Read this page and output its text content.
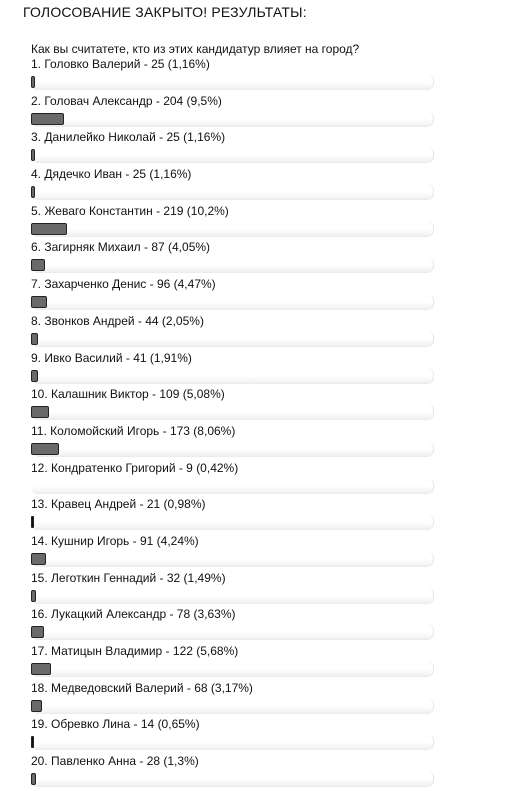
ГОЛОСОВАНИЕ ЗАКРЫТО! РЕЗУЛЬТАТЫ:
Как вы считатете, кто из этих кандидатур влияет на город?
1. Головко Валерий - 25 (1,16%)
2. Головач Александр - 204 (9,5%)
3. Данилейко Николай - 25 (1,16%)
4. Дядечко Иван - 25 (1,16%)
5. Жеваго Константин - 219 (10,2%)
6. Загирняк Михаил - 87 (4,05%)
7. Захарченко Денис - 96 (4,47%)
8. Звонков Андрей - 44 (2,05%)
9. Ивко Василий - 41 (1,91%)
10. Калашник Виктор - 109 (5,08%)
11. Коломойский Игорь - 173 (8,06%)
12. Кондратенко Григорий - 9 (0,42%)
13. Кравец Андрей - 21 (0,98%)
14. Кушнир Игорь - 91 (4,24%)
15. Леготкин Геннадий - 32 (1,49%)
16. Лукацкий Александр - 78 (3,63%)
17. Матицын Владимир - 122 (5,68%)
18. Медведовский Валерий - 68 (3,17%)
19. Обревко Лина - 14 (0,65%)
20. Павленко Анна - 28 (1,3%)
